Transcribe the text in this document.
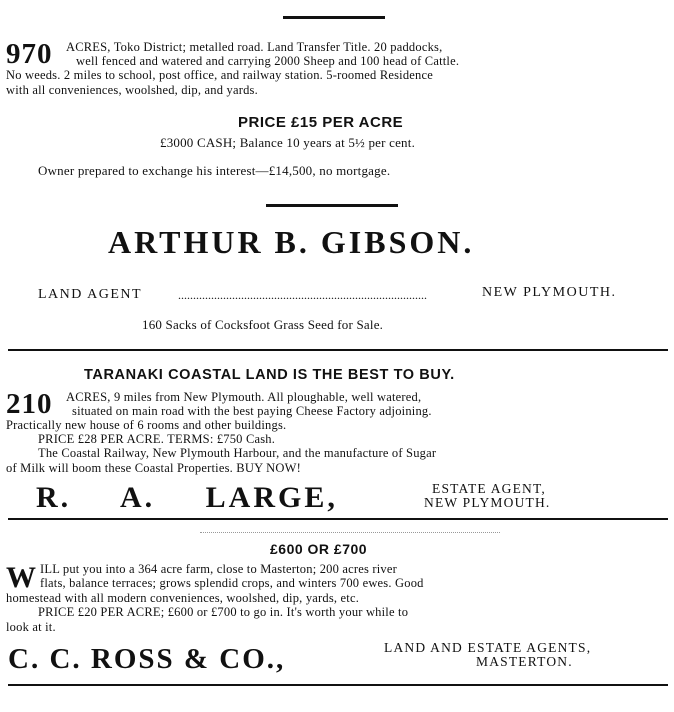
970 ACRES, Toko District; metalled road. Land Transfer Title. 20 paddocks,
well fenced and watered and carrying 2000 Sheep and 100 head of Cattle.
No weeds. 2 miles to school, post office, and railway station. 5-roomed Residence
with all conveniences, woolshed, dip, and yards.
PRICE £15 PER ACRE
£3000 CASH; Balance 10 years at 5½ per cent.
Owner prepared to exchange his interest—£14,500, no mortgage.
ARTHUR B. GIBSON.
LAND AGENT	...................................................................................	NEW PLYMOUTH.
160 Sacks of Cocksfoot Grass Seed for Sale.
TARANAKI COASTAL LAND IS THE BEST TO BUY.
210 ACRES, 9 miles from New Plymouth. All ploughable, well watered,
situated on main road with the best paying Cheese Factory adjoining.
Practically new house of 6 rooms and other buildings.
PRICE £28 PER ACRE. TERMS: £750 Cash.
The Coastal Railway, New Plymouth Harbour, and the manufacture of Sugar
of Milk will boom these Coastal Properties. BUY NOW!
R. A. LARGE,	ESTATE AGENT,
NEW PLYMOUTH.
£600 OR £700
W ILL put you into a 364 acre farm, close to Masterton; 200 acres river
flats, balance terraces; grows splendid crops, and winters 700 ewes. Good
homestead with all modern conveniences, woolshed, dip, yards, etc.
PRICE £20 PER ACRE; £600 or £700 to go in. It's worth your while to
look at it.
C. C. ROSS & CO.,	LAND AND ESTATE AGENTS,
MASTERTON.
